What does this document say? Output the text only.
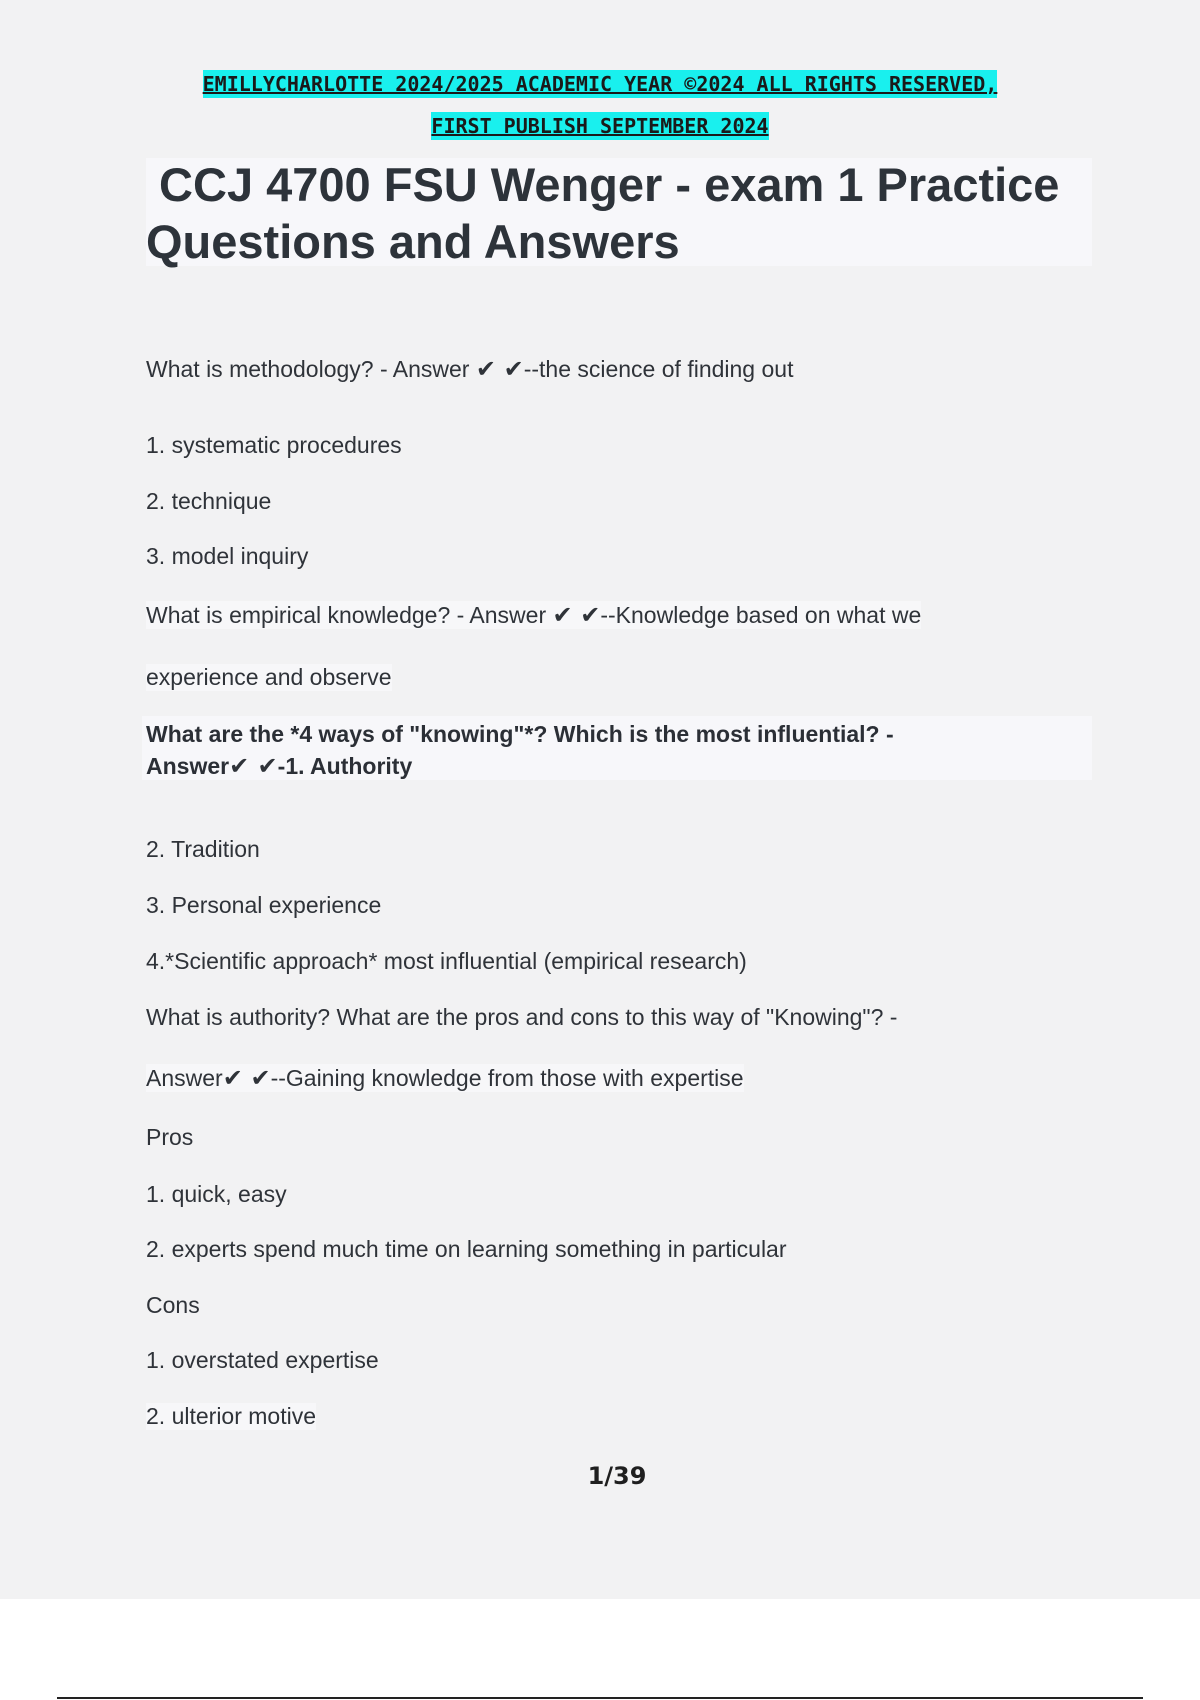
EMILLYCHARLOTTE 2024/2025 ACADEMIC YEAR ©2024 ALL RIGHTS RESERVED,
FIRST PUBLISH SEPTEMBER 2024
CCJ 4700 FSU Wenger - exam 1 Practice
Questions and Answers
What is methodology? - Answer ✔ ✔--the science of finding out
1. systematic procedures
2. technique
3. model inquiry
What is empirical knowledge? - Answer ✔ ✔--Knowledge based on what we
experience and observe
What are the *4 ways of "knowing"*? Which is the most influential? -
Answer✔ ✔-1. Authority
2. Tradition
3. Personal experience
4.*Scientific approach* most influential (empirical research)
What is authority? What are the pros and cons to this way of "Knowing"? -
Answer✔ ✔--Gaining knowledge from those with expertise
Pros
1. quick, easy
2. experts spend much time on learning something in particular
Cons
1. overstated expertise
2. ulterior motive
1/39
